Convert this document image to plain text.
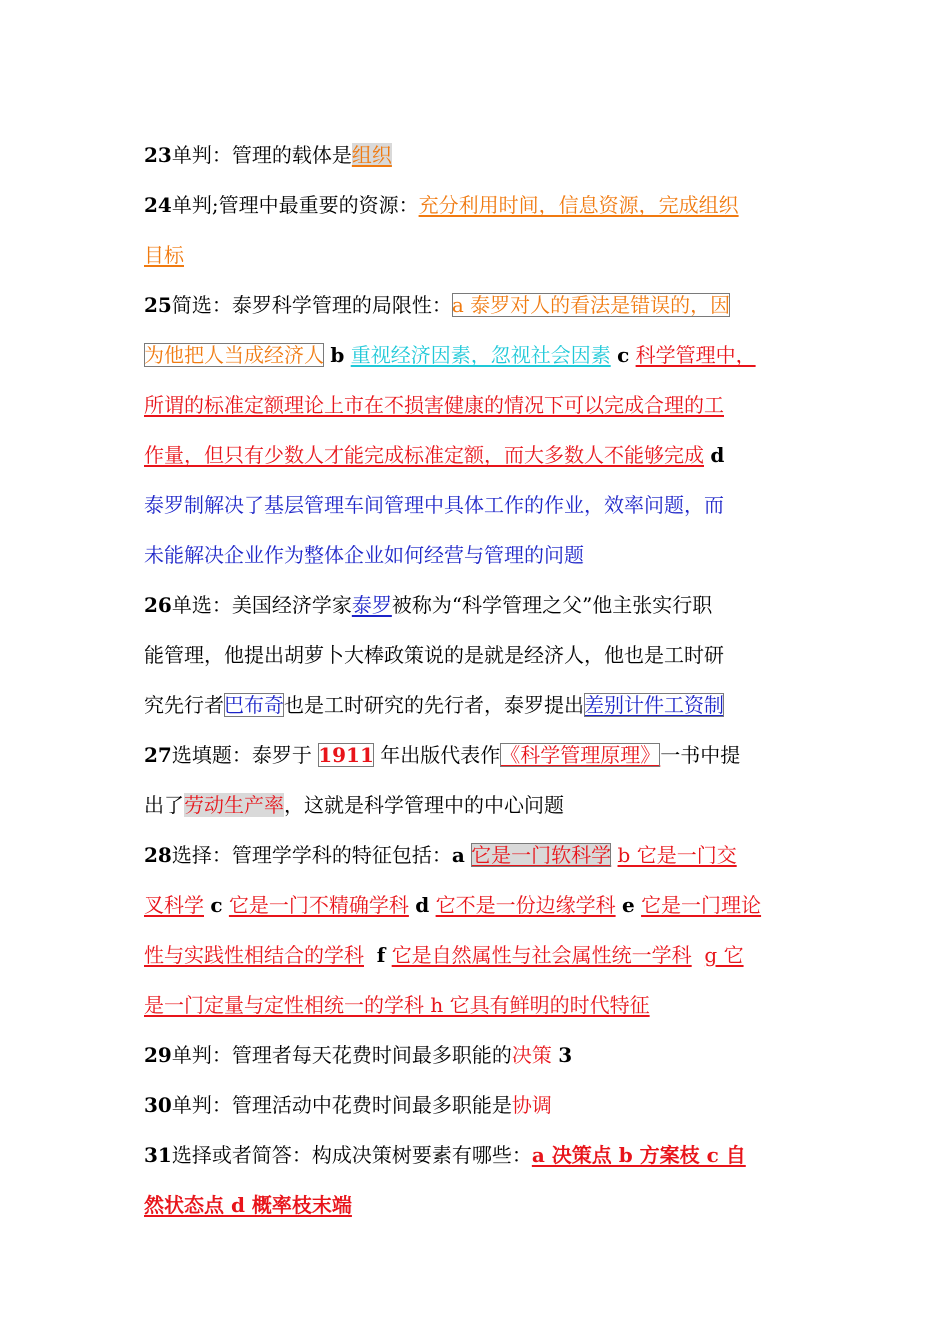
23单判：管理的载体是组织
24单判;管理中最重要的资源：充分利用时间，信息资源，完成组织
目标
25简选：泰罗科学管理的局限性：a 泰罗对人的看法是错误的，因
为他把人当成经济人 b 重视经济因素，忽视社会因素 c 科学管理中，
所谓的标准定额理论上市在不损害健康的情况下可以完成合理的工
作量，但只有少数人才能完成标准定额，而大多数人不能够完成 d
泰罗制解决了基层管理车间管理中具体工作的作业，效率问题，而
未能解决企业作为整体企业如何经营与管理的问题
26单选：美国经济学家泰罗被称为“科学管理之父”他主张实行职
能管理，他提出胡萝卜大棒政策说的是就是经济人，他也是工时研
究先行者巴布奇也是工时研究的先行者，泰罗提出差别计件工资制
27选填题：泰罗于 1911 年出版代表作《科学管理原理》一书中提
出了劳动生产率，这就是科学管理中的中心问题
28选择：管理学学科的特征包括：a 它是一门软科学 b 它是一门交
叉科学 c 它是一门不精确学科 d 它不是一份边缘学科 e 它是一门理论
性与实践性相结合的学科 f 它是自然属性与社会属性统一学科 g 它
是一门定量与定性相统一的学科 h 它具有鲜明的时代特征
29单判：管理者每天花费时间最多职能的决策 3
30单判：管理活动中花费时间最多职能是协调
31选择或者简答：构成决策树要素有哪些：a 决策点 b 方案枝 c 自
然状态点 d 概率枝末端
